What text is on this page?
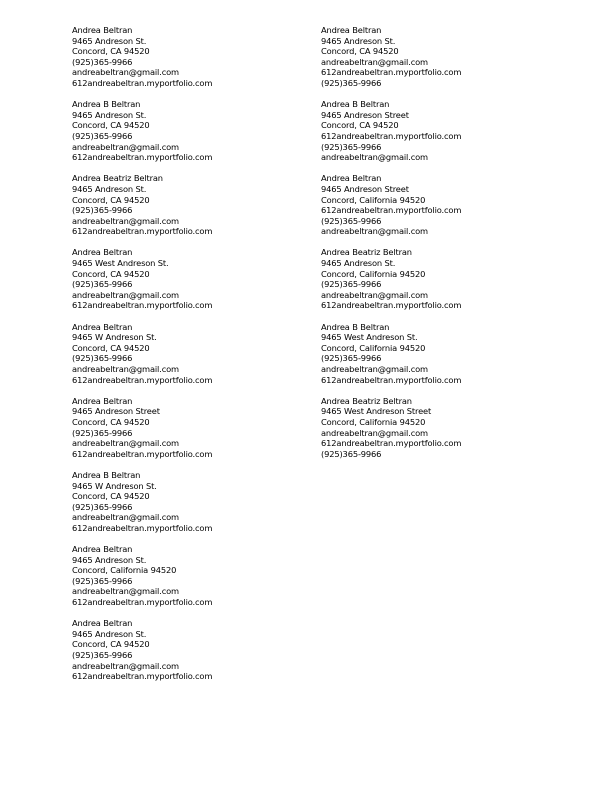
Andrea Beltran
9465 Andreson St.
Concord, CA 94520
(925)365-9966
andreabeltran@gmail.com
612andreabeltran.myportfolio.com
Andrea B Beltran
9465 Andreson St.
Concord, CA 94520
(925)365-9966
andreabeltran@gmail.com
612andreabeltran.myportfolio.com
Andrea Beatriz Beltran
9465 Andreson St.
Concord, CA 94520
(925)365-9966
andreabeltran@gmail.com
612andreabeltran.myportfolio.com
Andrea Beltran
9465 West Andreson St.
Concord, CA 94520
(925)365-9966
andreabeltran@gmail.com
612andreabeltran.myportfolio.com
Andrea Beltran
9465 W Andreson St.
Concord, CA 94520
(925)365-9966
andreabeltran@gmail.com
612andreabeltran.myportfolio.com
Andrea Beltran
9465 Andreson Street
Concord, CA 94520
(925)365-9966
andreabeltran@gmail.com
612andreabeltran.myportfolio.com
Andrea B Beltran
9465 W Andreson St.
Concord, CA 94520
(925)365-9966
andreabeltran@gmail.com
612andreabeltran.myportfolio.com
Andrea Beltran
9465 Andreson St.
Concord, California 94520
(925)365-9966
andreabeltran@gmail.com
612andreabeltran.myportfolio.com
Andrea Beltran
9465 Andreson St.
Concord, CA 94520
(925)365-9966
andreabeltran@gmail.com
612andreabeltran.myportfolio.com
Andrea Beltran
9465 Andreson St.
Concord, CA 94520
andreabeltran@gmail.com
612andreabeltran.myportfolio.com
(925)365-9966
Andrea B Beltran
9465 Andreson Street
Concord, CA 94520
612andreabeltran.myportfolio.com
(925)365-9966
andreabeltran@gmail.com
Andrea Beltran
9465 Andreson Street
Concord, California 94520
612andreabeltran.myportfolio.com
(925)365-9966
andreabeltran@gmail.com
Andrea Beatriz Beltran
9465 Andreson St.
Concord, California 94520
(925)365-9966
andreabeltran@gmail.com
612andreabeltran.myportfolio.com
Andrea B Beltran
9465 West Andreson St.
Concord, California 94520
(925)365-9966
andreabeltran@gmail.com
612andreabeltran.myportfolio.com
Andrea Beatriz Beltran
9465 West Andreson Street
Concord, California 94520
andreabeltran@gmail.com
612andreabeltran.myportfolio.com
(925)365-9966
